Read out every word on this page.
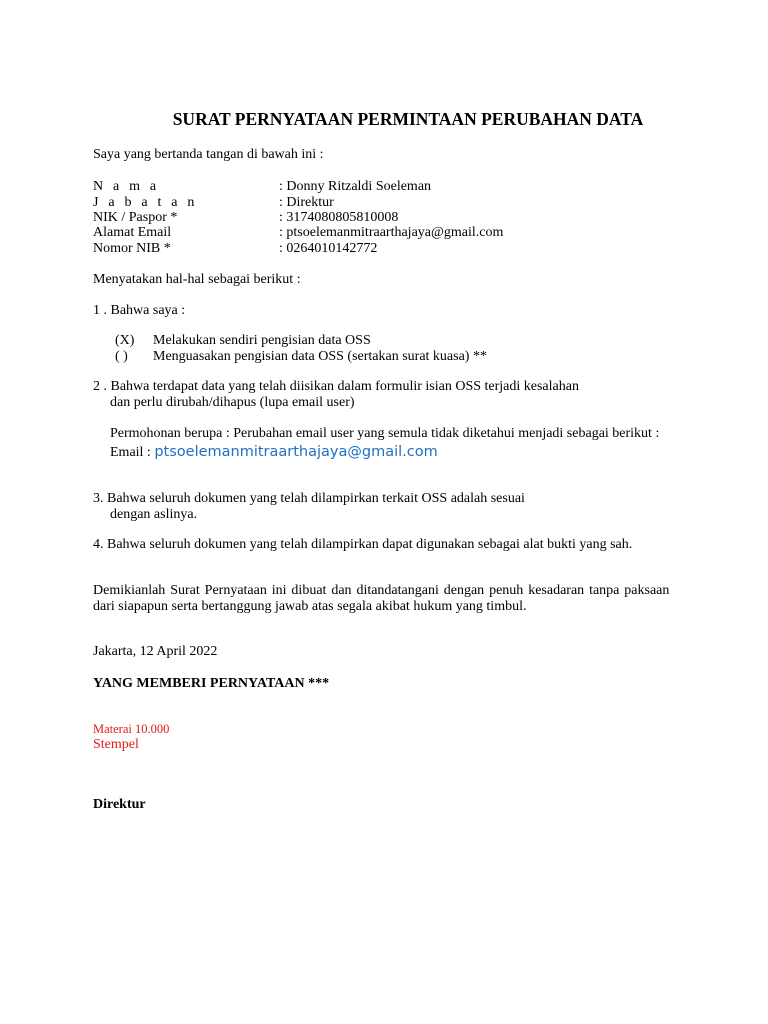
SURAT PERNYATAAN PERMINTAAN PERUBAHAN DATA
Saya yang bertanda tangan di bawah ini :
N a m a	: Donny Ritzaldi Soeleman
J a b a t a n	: Direktur
NIK / Paspor *	: 3174080805810008
Alamat Email	: ptsoelemanmitraarthajaya@gmail.com
Nomor NIB *	: 0264010142772
Menyatakan hal-hal sebagai berikut :
1 . Bahwa saya :
(X) Melakukan sendiri pengisian data OSS
( ) Menguasakan pengisian data OSS (sertakan surat kuasa) **
2 . Bahwa terdapat data yang telah diisikan dalam formulir isian OSS terjadi kesalahan
dan perlu dirubah/dihapus (lupa email user)
Permohonan berupa : Perubahan email user yang semula tidak diketahui menjadi sebagai berikut :
Email : ptsoelemanmitraarthajaya@gmail.com
3. Bahwa seluruh dokumen yang telah dilampirkan terkait OSS adalah sesuai
dengan aslinya.
4. Bahwa seluruh dokumen yang telah dilampirkan dapat digunakan sebagai alat bukti yang sah.
Demikianlah Surat Pernyataan ini dibuat dan ditandatangani dengan penuh kesadaran tanpa paksaan
dari siapapun serta bertanggung jawab atas segala akibat hukum yang timbul.
Jakarta, 12 April 2022
YANG MEMBERI PERNYATAAN ***
Materai 10.000
Stempel
Direktur
